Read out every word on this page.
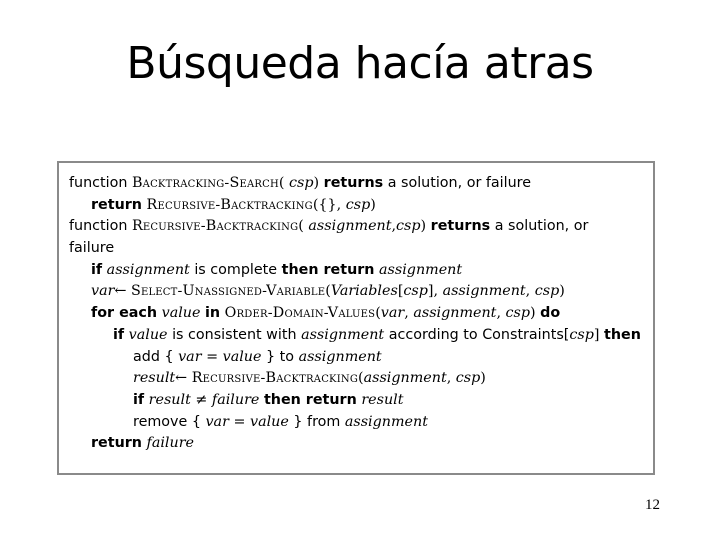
Búsqueda hacía atras
function Backtracking-Search( csp) returns a solution, or failure
return Recursive-Backtracking({}, csp)
function Recursive-Backtracking( assignment,csp) returns a solution, or
failure
if assignment is complete then return assignment
var← Select-Unassigned-Variable(Variables[csp], assignment, csp)
for each value in Order-Domain-Values(var, assignment, csp) do
if value is consistent with assignment according to Constraints[csp] then
add { var = value } to assignment
result← Recursive-Backtracking(assignment, csp)
if result ≠ failure then return result
remove { var = value } from assignment
return failure
12
